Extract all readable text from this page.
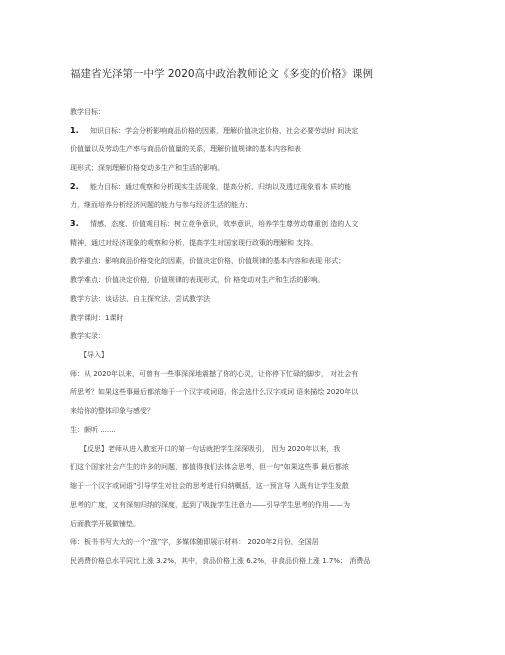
福建省光泽第一中学 2020高中政治教师论文《多变的价格》课例
教学目标：
1. 知识目标：学会分析影响商品价格的因素，理解价值决定价格、社会必要劳动时 间决定
价值量以及劳动生产率与商品价值量的关系，理解价值规律的基本内容和表
现形式；深刻理解价格变动多生产和生活的影响。
2. 能力目标：通过观察和分析现实生活现象，提高分析、归纳以及透过现象看本 质的能
力，继而培养分析经济问题的能力与参与经济生活的能力；
3. 情感、态度、价值观目标：树立竞争意识，效率意识，培养学生尊劳动尊重创 造的人文
精神，通过对经济现象的观察和分析，提高学生对国家现行政策的理解和 支持。
教学重点：影响商品价格变化的因素，价值决定价格，价值规律的基本内容和表现 形式；
教学难点：价值决定价格，价值规律的表现形式，价 格变动对生产和生活的影响。
教学方法：谈话法、自主探究法、尝试教学法
教学课时：1课时
教学实录：
【导入】
师：从 2020年以来，可曾有一些事深深地震撼了你的心灵，让你停下忙碌的脚步， 对社会有
所思考？如果这些事最后都浓缩于一个汉字或词语，你会选什么汉字或词 语来描绘 2020年以
来给你的整体印象与感受？
生：颇听 .......
【反思】老师从进入教室开口的第一句话就把学生深深吸引， 因为 2020年以来，我
们这个国家社会产生的许多的问题，都值得我们去体会思考，但一句“如果这些事 最后都浓
缩于一个汉字或词语”引导学生对社会的思考进行归纳概括，这一预言导 入既有让学生发散
思考的广度，又有深刻归纳的深度，起到了吸拢学生注意力——引导学生思考的作用——为
后面教学开展做铺垫。
师：板书书写大大的一个“涨”字，多媒体随即展示材料： 2020年2月份，全国居
民消费价格总水平同比上涨 3.2%，其中，食品价格上涨 6.2%，非食品价格上涨 1.7%； 消费品
